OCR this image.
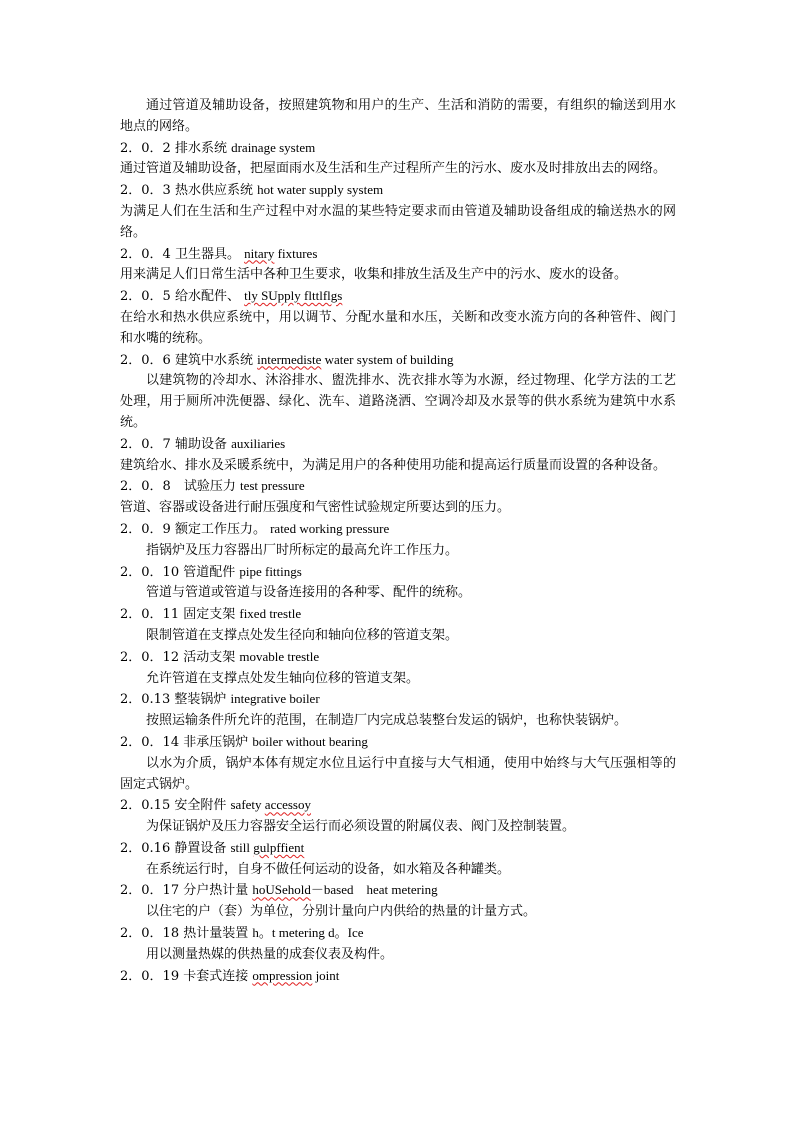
通过管道及辅助设备，按照建筑物和用户的生产、生活和消防的需要，有组织的输送到用水地点的网络。

2．0．2 排水系统 drainage system

通过管道及辅助设备，把屋面雨水及生活和生产过程所产生的污水、废水及时排放出去的网络。

2．0．3 热水供应系统 hot water supply system

为满足人们在生活和生产过程中对水温的某些特定要求而由管道及辅助设备组成的输送热水的网络。

2．0．4 卫生器具。 nitary fixtures

用来满足人们日常生活中各种卫生要求，收集和排放生活及生产中的污水、废水的设备。

2．0．5 给水配件、 tly SUpply flttlflgs

在给水和热水供应系统中，用以调节、分配水量和水压，关断和改变水流方向的各种管件、阀门和水嘴的统称。

2．0．6 建筑中水系统 intermediste water system of building

以建筑物的冷却水、沐浴排水、盥洗排水、洗衣排水等为水源，经过物理、化学方法的工艺处理，用于厕所冲洗便器、绿化、洗车、道路浇洒、空调冷却及水景等的供水系统为建筑中水系统。

2．0．7 辅助设备 auxiliaries

建筑给水、排水及采暖系统中，为满足用户的各种使用功能和提高运行质量而设置的各种设备。

2．0．8　试验压力 test pressure

管道、容器或设备进行耐压强度和气密性试验规定所要达到的压力。

2．0．9 额定工作压力。 rated working pressure

指锅炉及压力容器出厂时所标定的最高允许工作压力。

2．0．10 管道配件 pipe fittings

管道与管道或管道与设备连接用的各种零、配件的统称。

2．0．11 固定支架 fixed trestle

限制管道在支撑点处发生径向和轴向位移的管道支架。

2．0．12 活动支架 movable trestle

允许管道在支撑点处发生轴向位移的管道支架。

2．0.13 整装锅炉 integrative boiler

按照运输条件所允许的范围，在制造厂内完成总装整台发运的锅炉，也称快装锅炉。

2．0．14 非承压锅炉 boiler without bearing

以水为介质，锅炉本体有规定水位且运行中直接与大气相通，使用中始终与大气压强相等的固定式锅炉。

2．0.15 安全附件 safety accessoy

为保证锅炉及压力容器安全运行而必须设置的附属仪表、阀门及控制装置。

2．0.16 静置设备 still gulpffient

在系统运行时，自身不做任何运动的设备，如水箱及各种罐类。

2．0．17 分户热计量 hoUSehold－based　heat metering

以住宅的户（套）为单位，分别计量向户内供给的热量的计量方式。

2．0．18 热计量装置 h。t metering d。Ice

用以测量热媒的供热量的成套仪表及构件。

2．0．19 卡套式连接 ompression joint
